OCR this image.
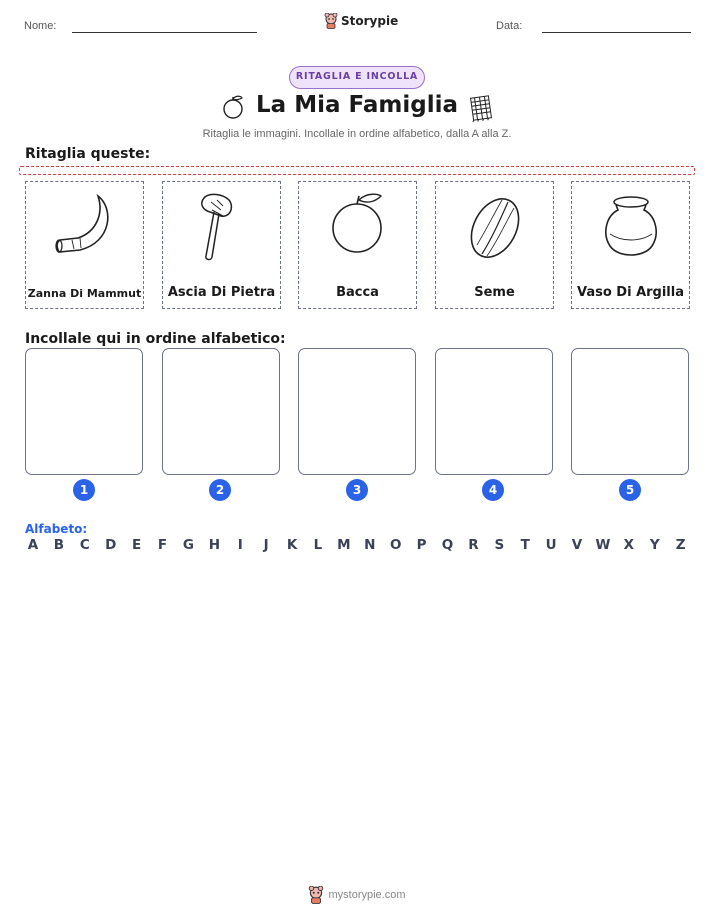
Nome:	Storypie	Data:
RITAGLIA E INCOLLA
La Mia Famiglia
Ritaglia le immagini. Incollale in ordine alfabetico, dalla A alla Z.
Ritaglia queste:
Zanna Di Mammut	Ascia Di Pietra	Bacca	Seme	Vaso Di Argilla
Incollale qui in ordine alfabetico:
1	2	3	4	5
Alfabeto:
A B C D	E	F	G H	I	J	K	L	M N O P Q R	S	T	U V W X	Y	Z
mystorypie.com
